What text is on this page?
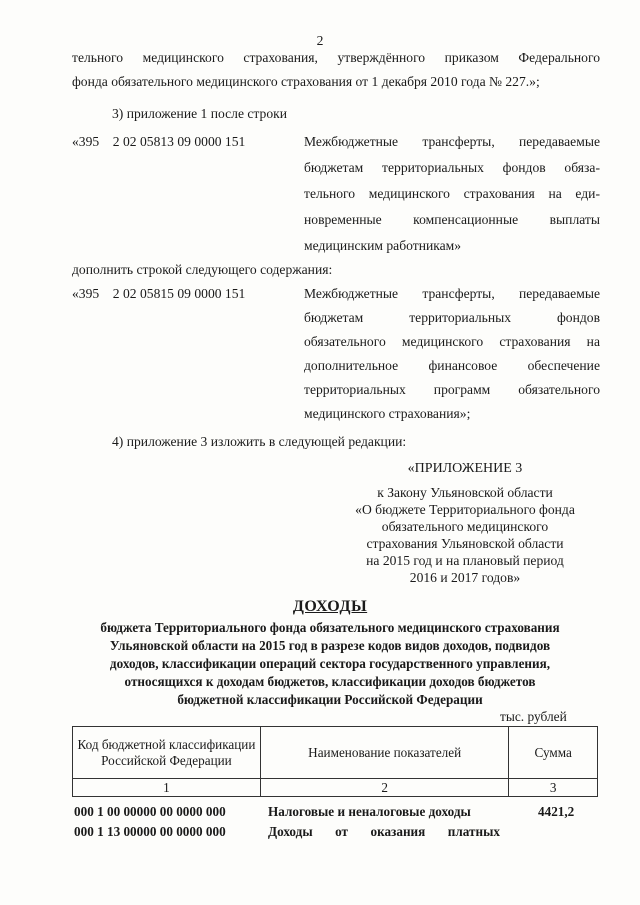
2
тельного медицинского страхования, утверждённого приказом Федерального
фонда обязательного медицинского страхования от 1 декабря 2010 года № 227.»;
3) приложение 1 после строки
«395    2 02 05813 09 0000 151	Межбюджетные трансферты, передаваемые
бюджетам территориальных фондов обяза-
тельного медицинского страхования на еди-
новременные компенсационные выплаты
медицинским работникам»
дополнить строкой следующего содержания:
«395    2 02 05815 09 0000 151	Межбюджетные трансферты, передаваемые
бюджетам территориальных фондов
обязательного медицинского страхования на
дополнительное финансовое обеспечение
территориальных программ обязательного
медицинского страхования»;
4) приложение 3 изложить в следующей редакции:
«ПРИЛОЖЕНИЕ 3
к Закону Ульяновской области
«О бюджете Территориального фонда
обязательного медицинского
страхования Ульяновской области
на 2015 год и на плановый период
2016 и 2017 годов»
ДОХОДЫ
бюджета Территориального фонда обязательного медицинского страхования
Ульяновской области на 2015 год в разрезе кодов видов доходов, подвидов
доходов, классификации операций сектора государственного управления,
относящихся к доходам бюджетов, классификации доходов бюджетов
бюджетной классификации Российской Федерации
тыс. рублей
Код бюджетной классификации Российской Федерации	Наименование показателей	Сумма
1	2	3
000 1 00 00000 00 0000 000	Налоговые и неналоговые доходы	4421,2
000 1 13 00000 00 0000 000	Доходы от оказания платных
